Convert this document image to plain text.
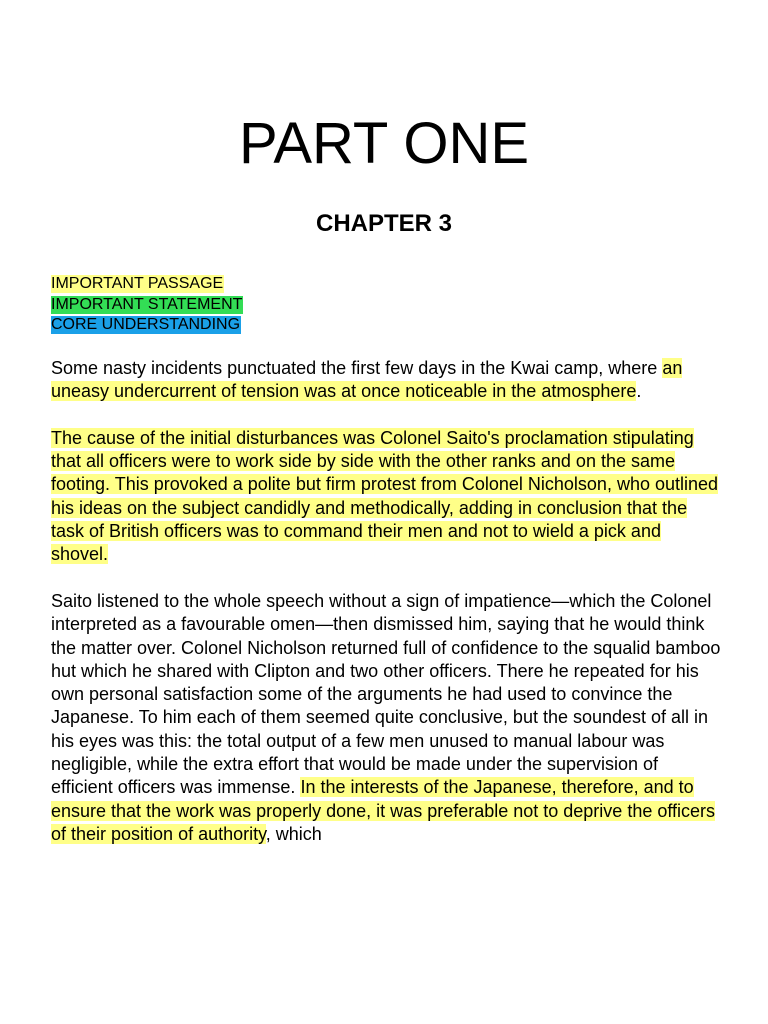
PART ONE
CHAPTER 3
IMPORTANT PASSAGE
IMPORTANT STATEMENT
CORE UNDERSTANDING

Some nasty incidents punctuated the first few days in the Kwai camp, where an uneasy undercurrent of tension was at once noticeable in the atmosphere.

The cause of the initial disturbances was Colonel Saito's proclamation stipulating that all officers were to work side by side with the other ranks and on the same footing. This provoked a polite but firm protest from Colonel Nicholson, who outlined his ideas on the subject candidly and methodically, adding in conclusion that the task of British officers was to command their men and not to wield a pick and shovel.

Saito listened to the whole speech without a sign of impatience—which the Colonel interpreted as a favourable omen—then dismissed him, saying that he would think the matter over. Colonel Nicholson returned full of confidence to the squalid bamboo hut which he shared with Clipton and two other officers. There he repeated for his own personal satisfaction some of the arguments he had used to convince the Japanese. To him each of them seemed quite conclusive, but the soundest of all in his eyes was this: the total output of a few men unused to manual labour was negligible, while the extra effort that would be made under the supervision of efficient officers was immense. In the interests of the Japanese, therefore, and to ensure that the work was properly done, it was preferable not to deprive the officers of their position of authority, which
